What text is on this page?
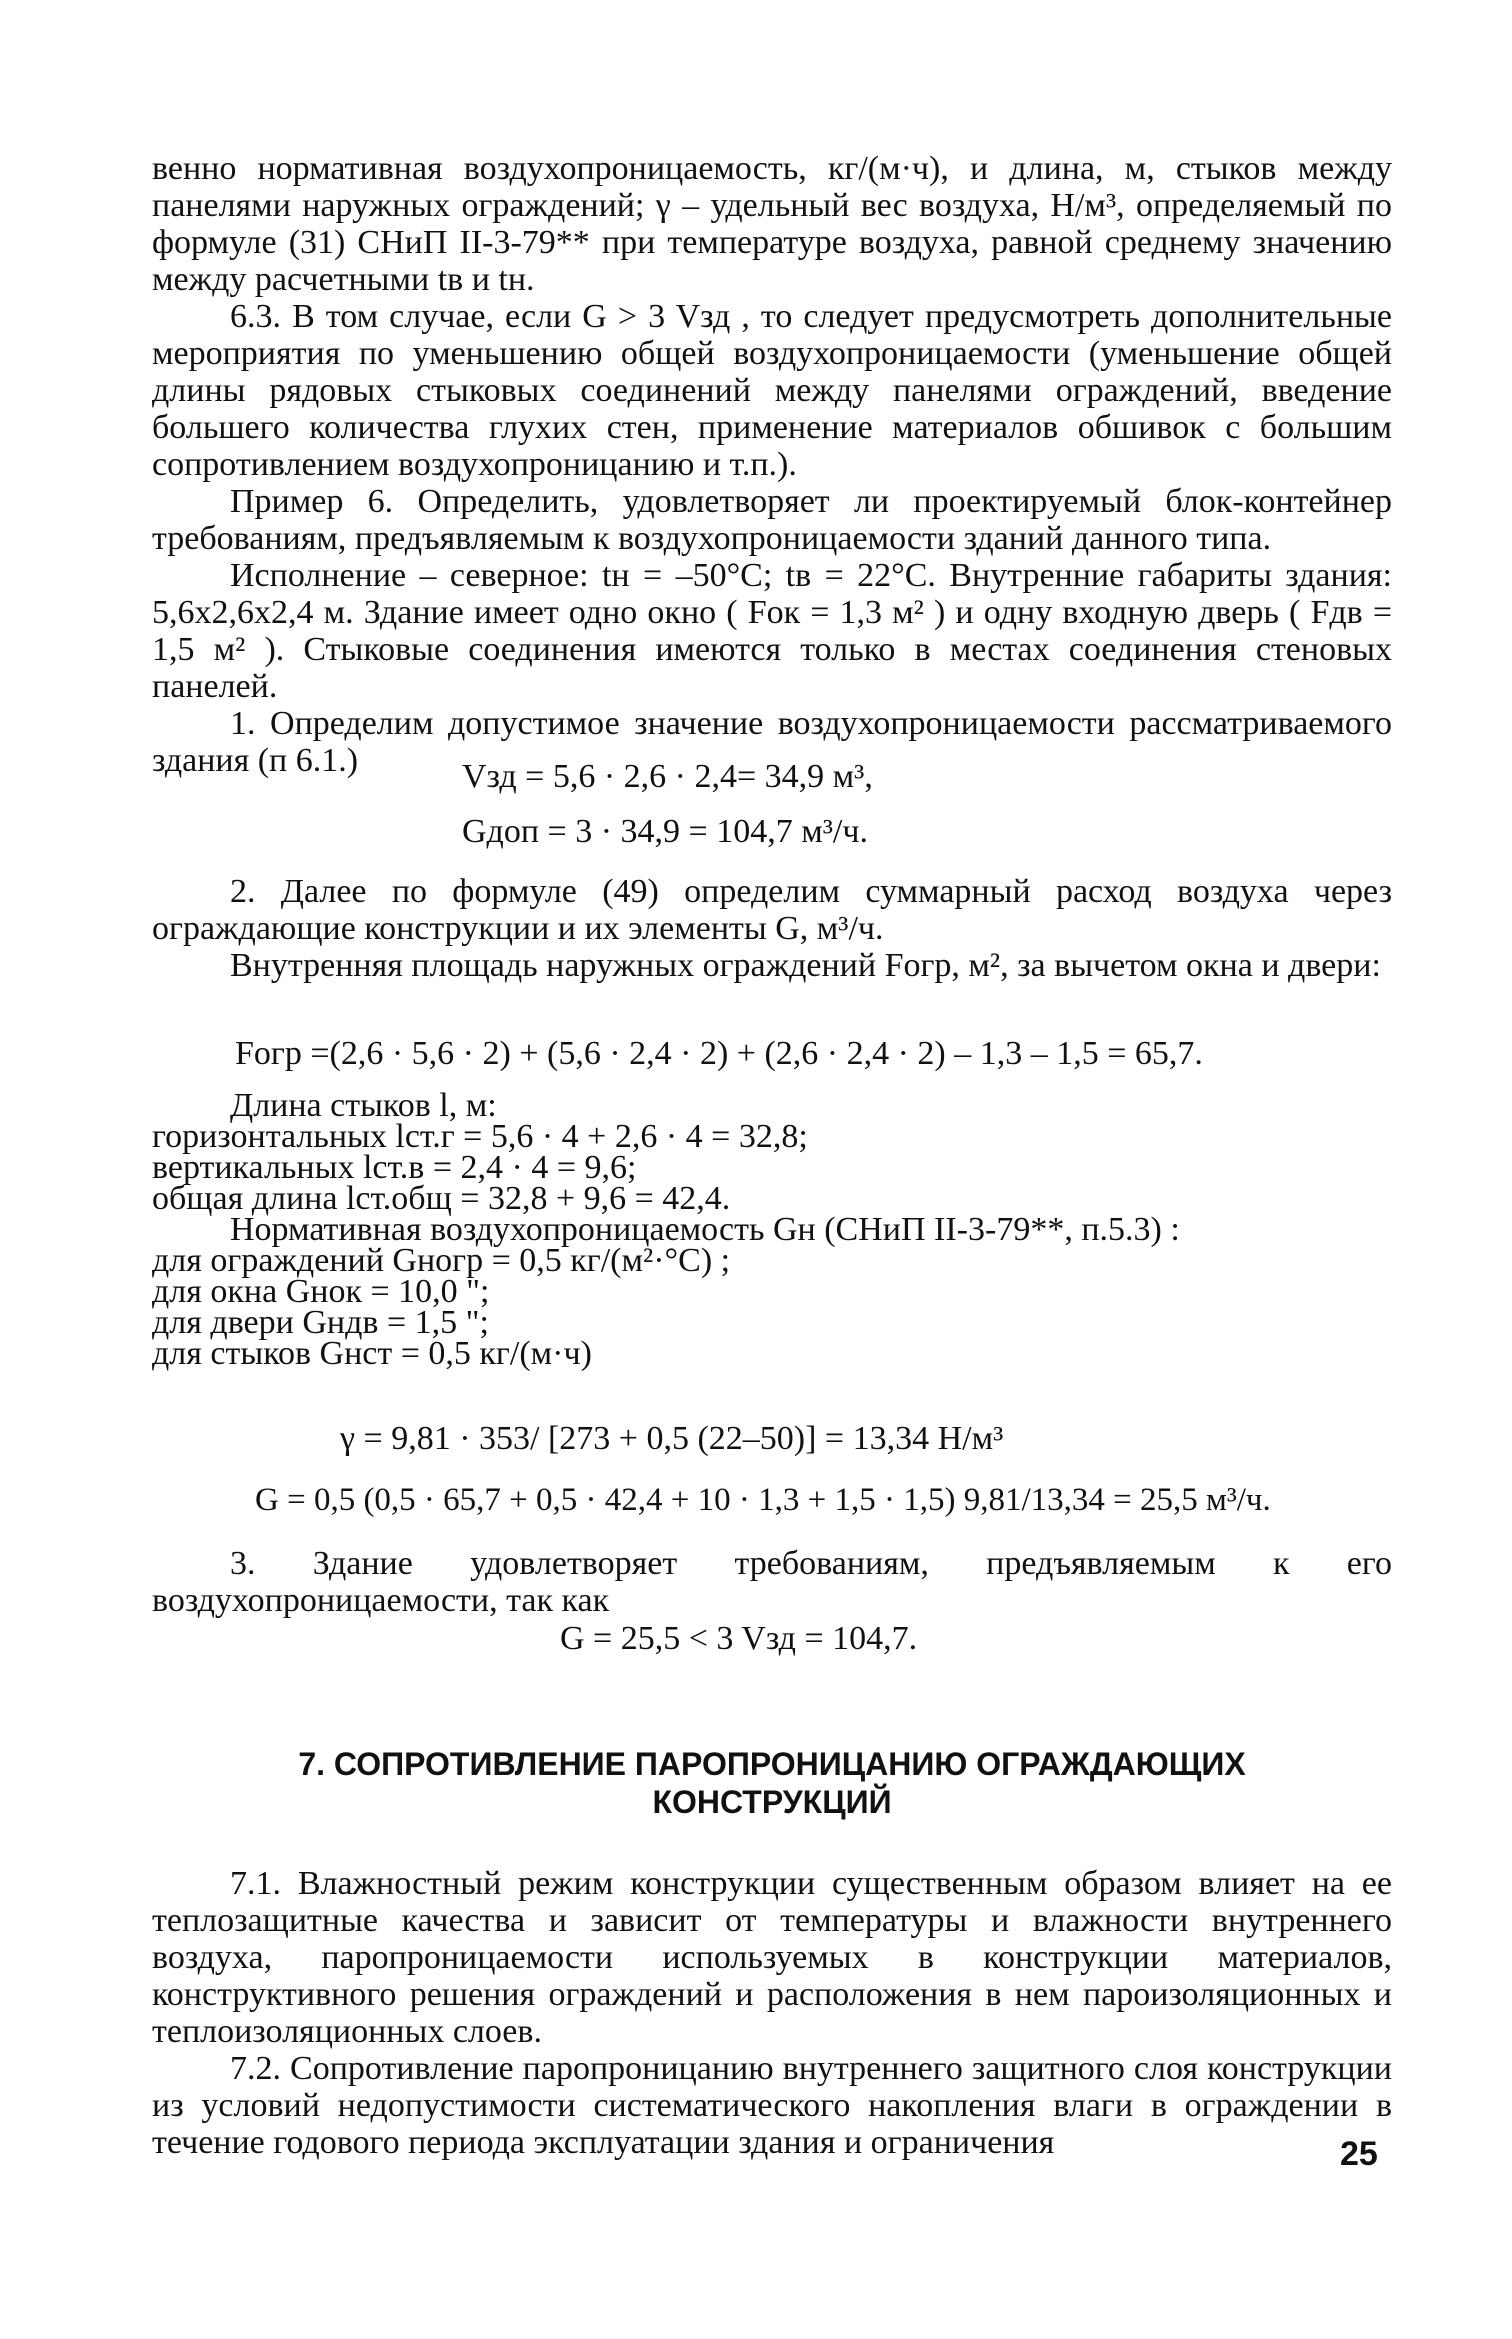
венно нормативная воздухопроницаемость, кг/(м·ч), и длина, м, стыков между панелями наружных ограждений; γ – удельный вес воздуха, Н/м³, определяемый по формуле (31) СНиП II-3-79** при температуре воздуха, равной среднему значению между расчетными tв и tн.

6.3. В том случае, если G > 3 Vзд , то следует предусмотреть дополнительные мероприятия по уменьшению общей воздухопроницаемости (уменьшение общей длины рядовых стыковых соединений между панелями ограждений, введение большего количества глухих стен, применение материалов обшивок с большим сопротивлением воздухопроницанию и т.п.).

Пример 6. Определить, удовлетворяет ли проектируемый блок-контейнер требованиям, предъявляемым к воздухопроницаемости зданий данного типа.

Исполнение – северное: tн = –50°С; tв = 22°С. Внутренние габариты здания: 5,6х2,6х2,4 м. Здание имеет одно окно ( Fок = 1,3 м² ) и одну входную дверь ( Fдв = 1,5 м² ). Стыковые соединения имеются только в местах соединения стеновых панелей.

1. Определим допустимое значение воздухопроницаемости рассматриваемого здания (п 6.1.)	Vзд = 5,6 · 2,6 · 2,4= 34,9 м³,
Gдоп = 3 · 34,9 = 104,7 м³/ч.

2. Далее по формуле (49) определим суммарный расход воздуха через ограждающие конструкции и их элементы G, м³/ч.

Внутренняя площадь наружных ограждений Fогр, м², за вычетом окна и двери:

Fогр =(2,6 · 5,6 · 2) + (5,6 · 2,4 · 2) + (2,6 · 2,4 · 2) – 1,3 – 1,5 = 65,7.
Длина стыков l, м:
горизонтальных lст.г = 5,6 · 4 + 2,6 · 4 = 32,8;
вертикальных lст.в = 2,4 · 4 = 9,6;
общая длина lст.общ = 32,8 + 9,6 = 42,4.
Нормативная воздухопроницаемость Gн (СНиП II-3-79**, п.5.3) :
для ограждений Gнoгр = 0,5 кг/(м²·°С) ;
для окна Gнок = 10,0 ";
для двери Gндв = 1,5 ";
для стыков Gнст = 0,5 кг/(м·ч)
γ = 9,81 · 353/ [273 + 0,5 (22–50)] = 13,34 Н/м³
G = 0,5 (0,5 · 65,7 + 0,5 · 42,4 + 10 · 1,3 + 1,5 · 1,5) 9,81/13,34 = 25,5 м³/ч.

3. Здание удовлетворяет требованиям, предъявляемым к его воздухопроницаемости, так как

G = 25,5 < 3 Vзд = 104,7.
7. СОПРОТИВЛЕНИЕ ПАРОПРОНИЦАНИЮ ОГРАЖДАЮЩИХ
КОНСТРУКЦИЙ

7.1. Влажностный режим конструкции существенным образом влияет на ее теплозащитные качества и зависит от температуры и влажности внутреннего воздуха, паропроницаемости используемых в конструкции материалов, конструктивного решения ограждений и расположения в нем пароизоляционных и теплоизоляционных слоев.

7.2. Сопротивление паропроницанию внутреннего защитного слоя конструкции из условий недопустимости систематического накопления влаги в ограждении в течение годового периода эксплуатации здания и ограничения	25
